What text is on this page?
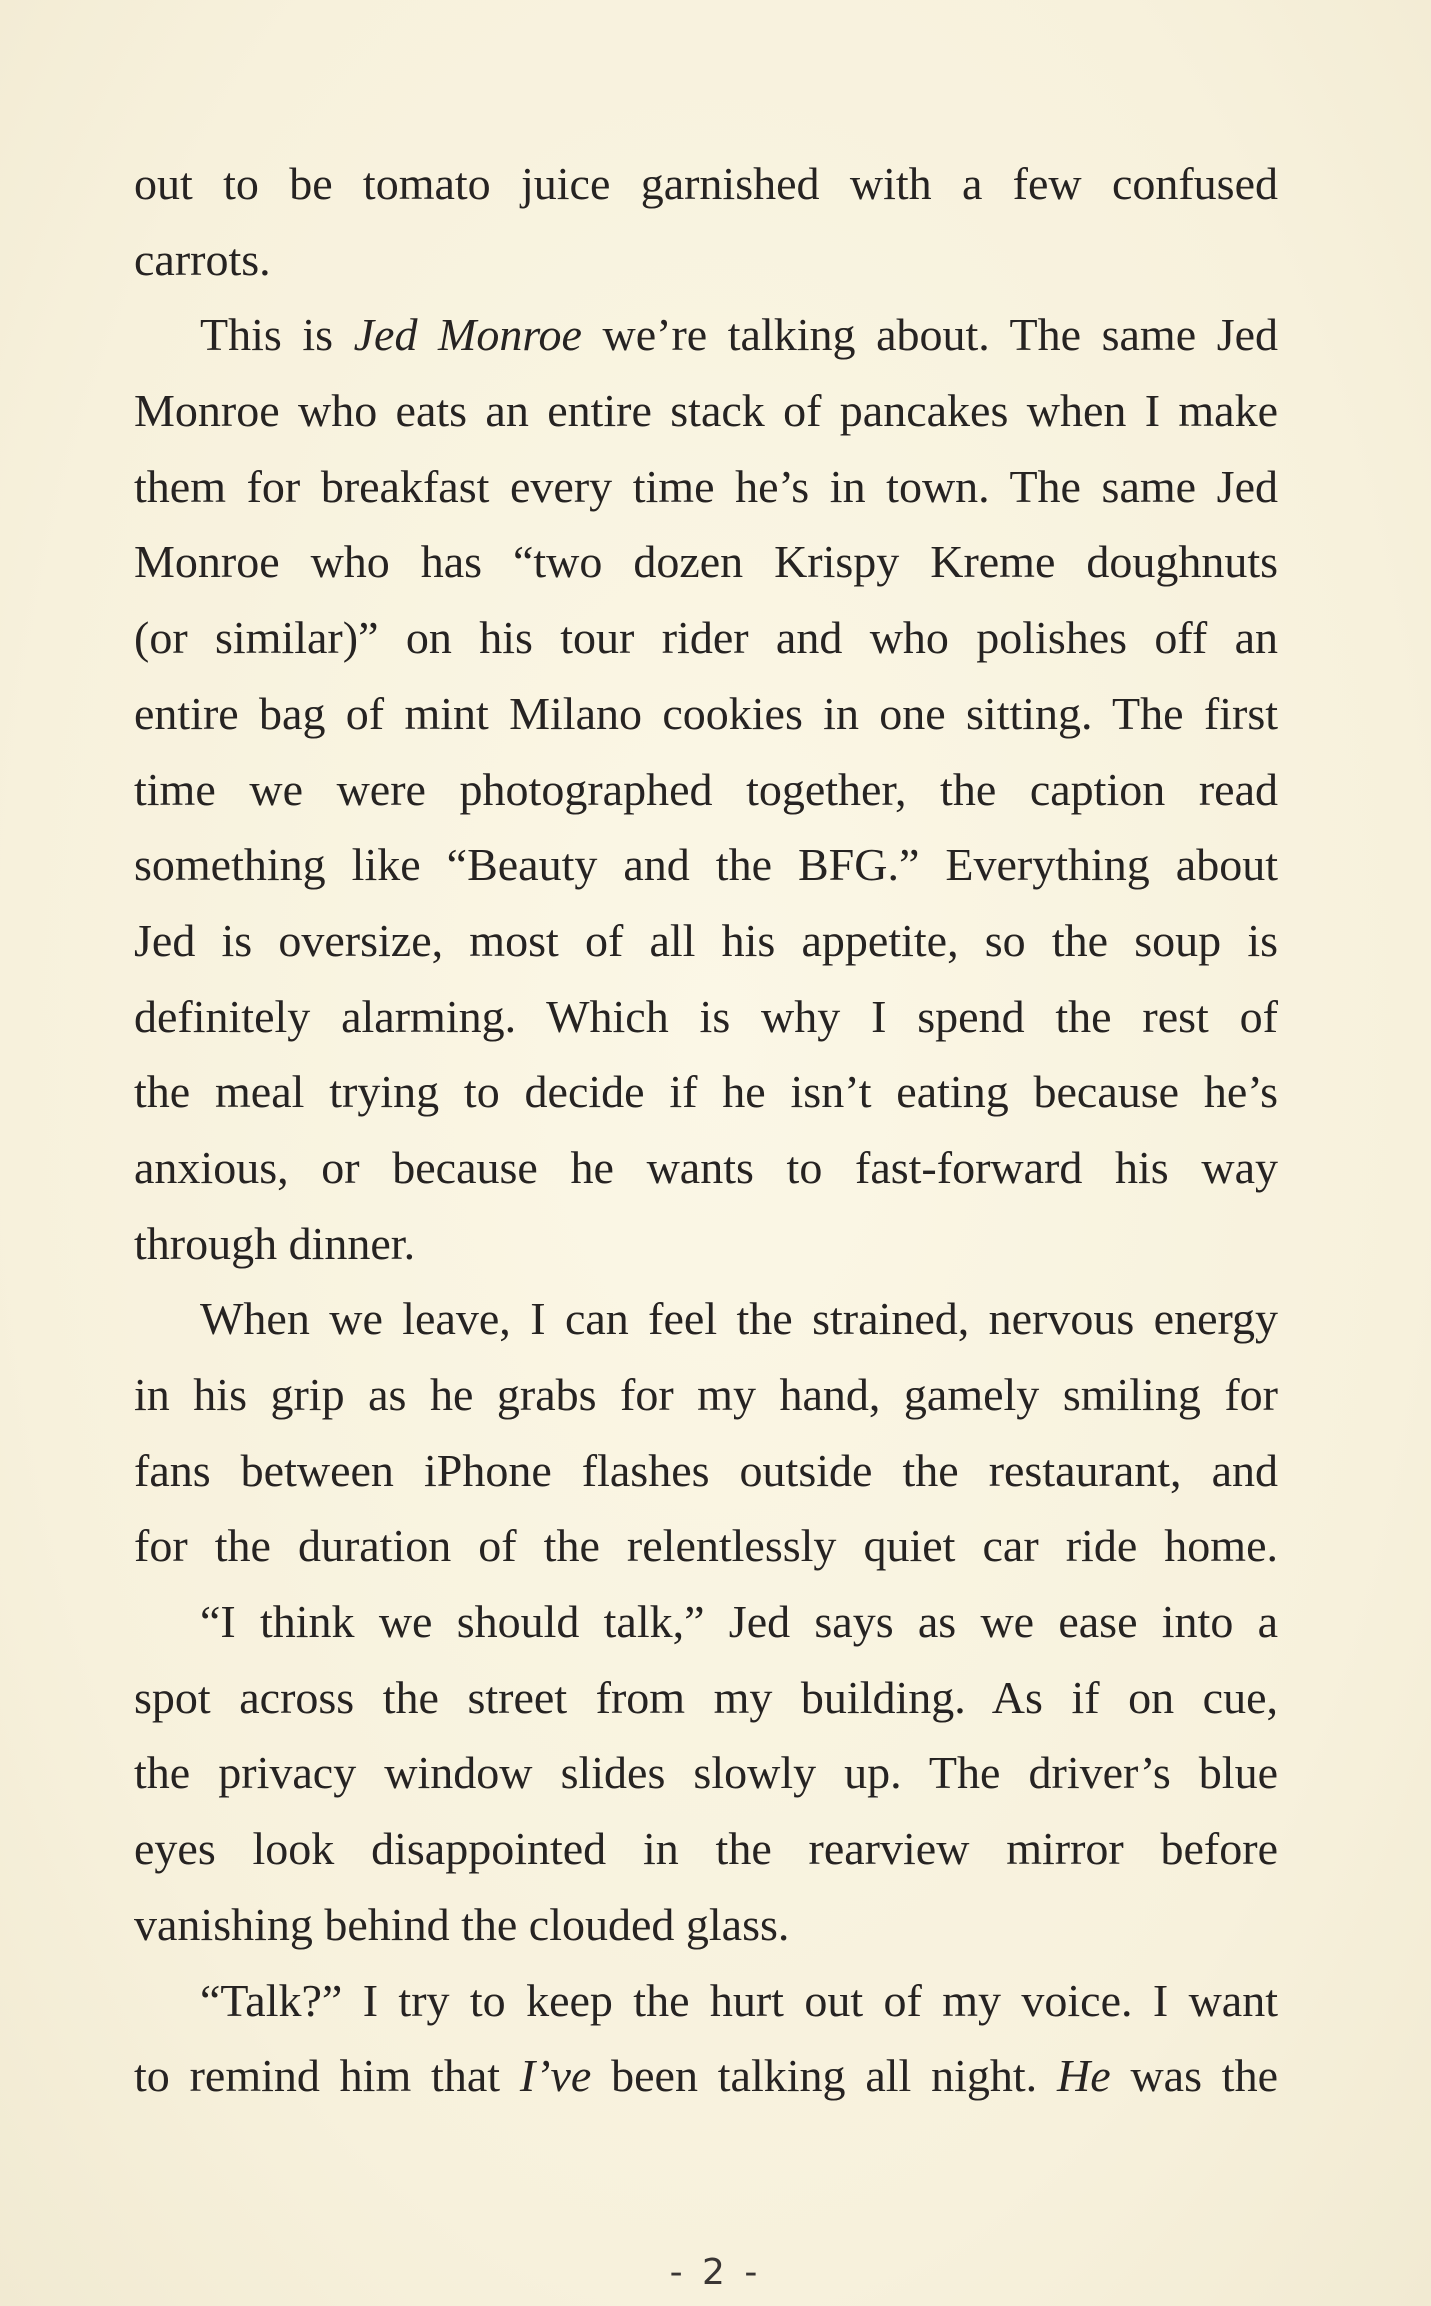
out to be tomato juice garnished with a few confused
carrots.
This is Jed Monroe we’re talking about. The same Jed
Monroe who eats an entire stack of pancakes when I make
them for breakfast every time he’s in town. The same Jed
Monroe who has “two dozen Krispy Kreme doughnuts
(or similar)” on his tour rider and who polishes off an
entire bag of mint Milano cookies in one sitting. The first
time we were photographed together, the caption read
something like “Beauty and the BFG.” Everything about
Jed is oversize, most of all his appetite, so the soup is
definitely alarming. Which is why I spend the rest of
the meal trying to decide if he isn’t eating because he’s
anxious, or because he wants to fast-forward his way
through dinner.
When we leave, I can feel the strained, nervous energy
in his grip as he grabs for my hand, gamely smiling for
fans between iPhone flashes outside the restaurant, and
for the duration of the relentlessly quiet car ride home.
“I think we should talk,” Jed says as we ease into a
spot across the street from my building. As if on cue,
the privacy window slides slowly up. The driver’s blue
eyes look disappointed in the rearview mirror before
vanishing behind the clouded glass.
“Talk?” I try to keep the hurt out of my voice. I want
to remind him that I’ve been talking all night. He was the
- 2 -
